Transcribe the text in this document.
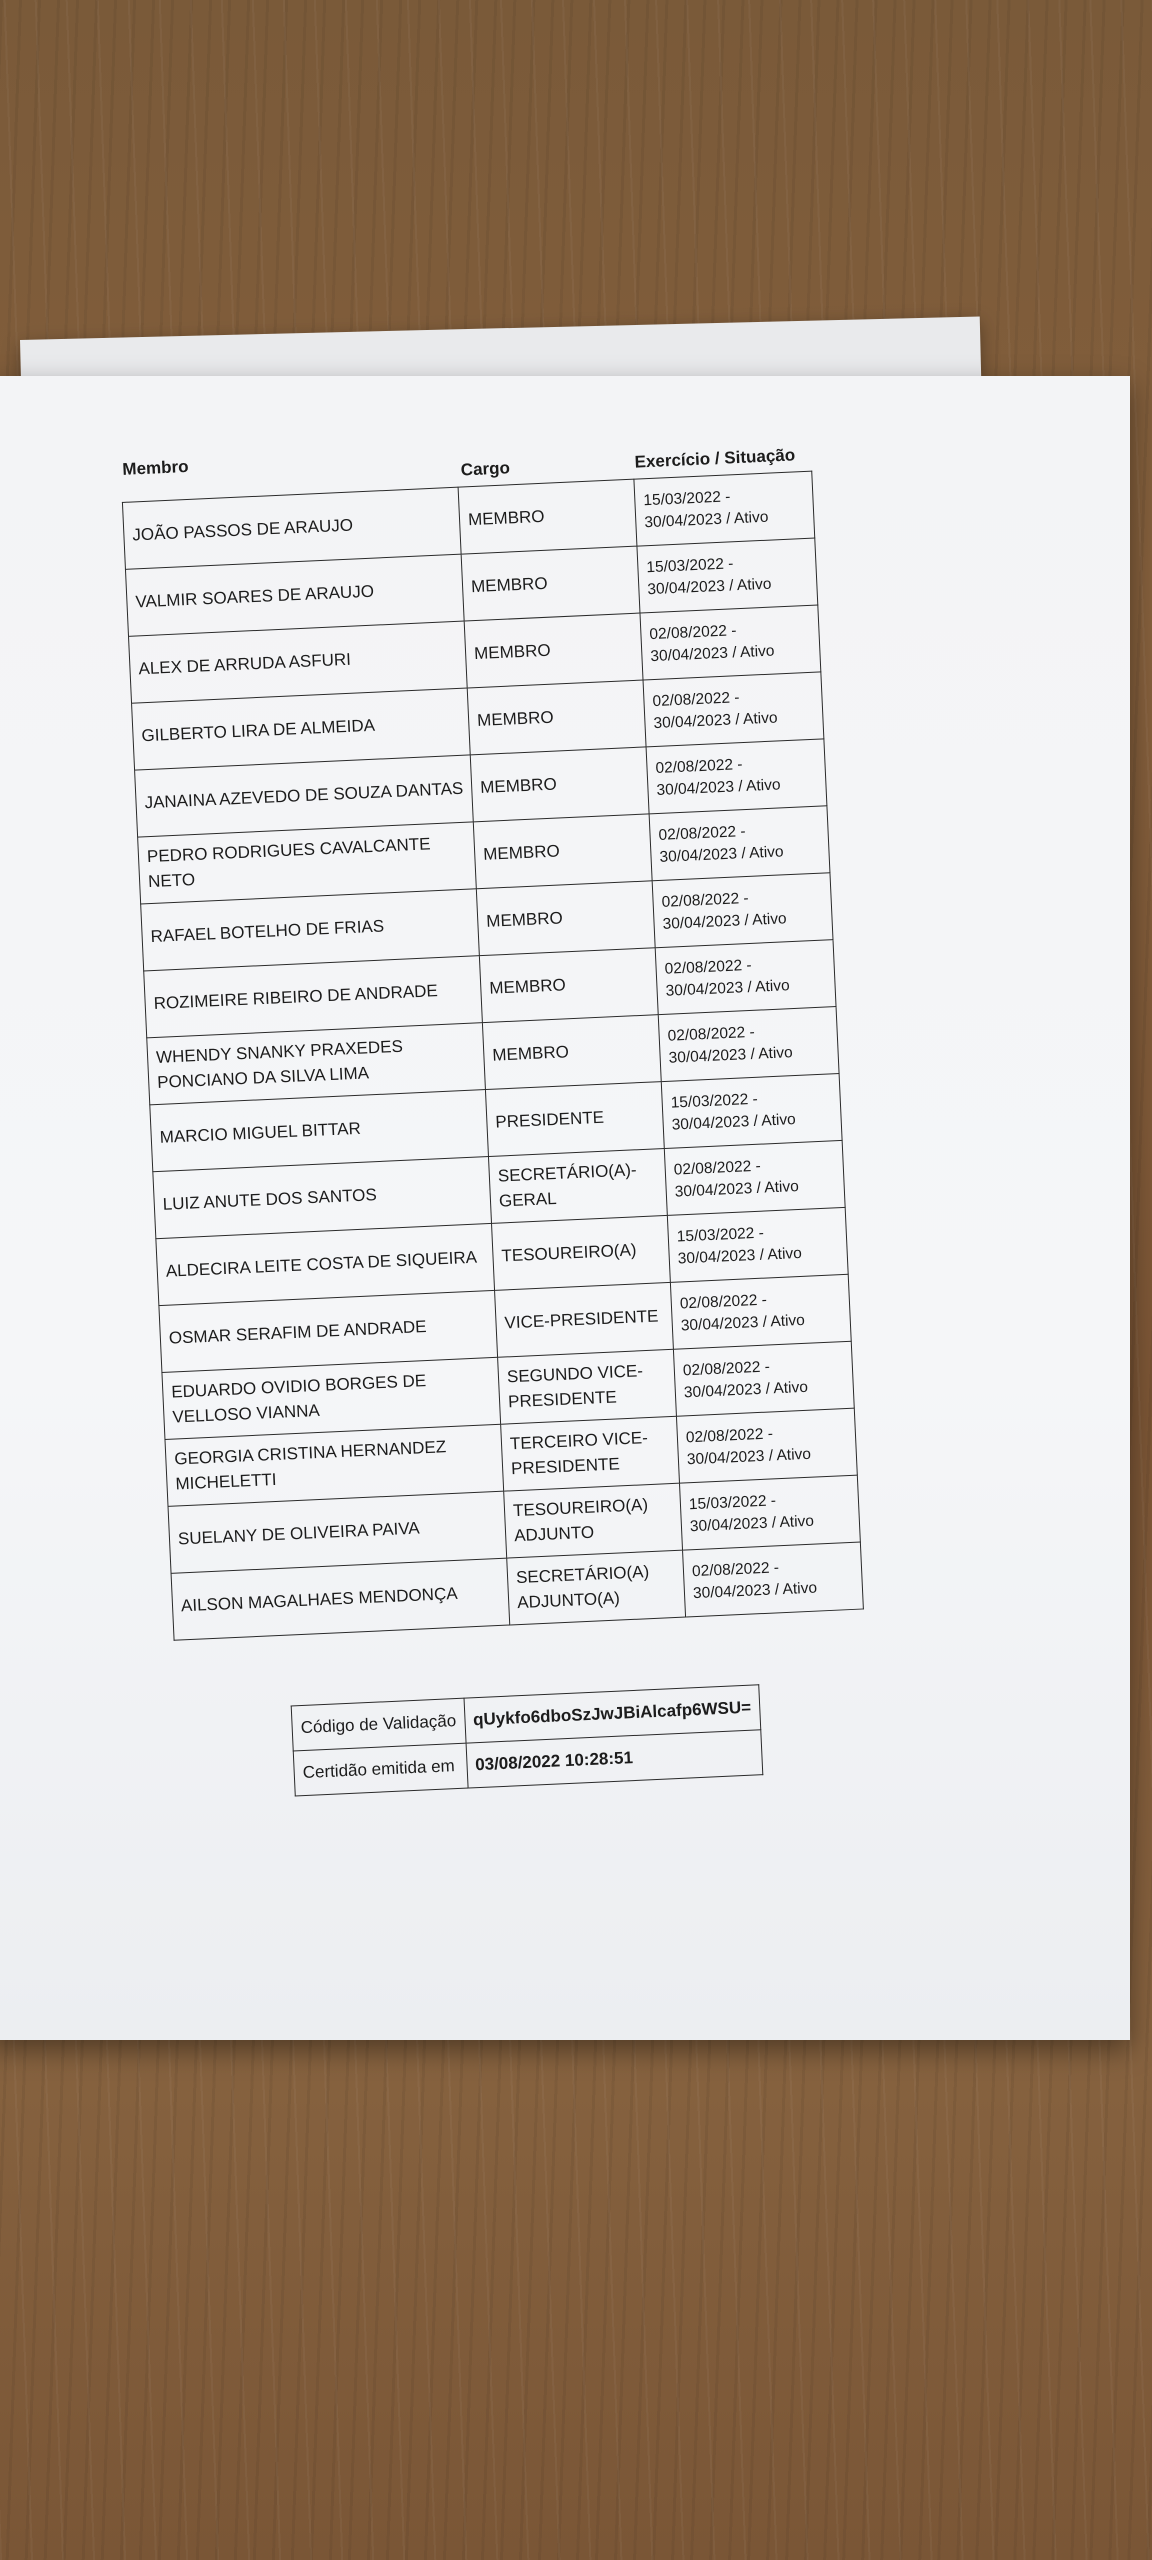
Membro	Cargo	Exercício / Situação
JOÃO PASSOS DE ARAUJO	MEMBRO	15/03/2022 - 30/04/2023 / Ativo
VALMIR SOARES DE ARAUJO	MEMBRO	15/03/2022 - 30/04/2023 / Ativo
ALEX DE ARRUDA ASFURI	MEMBRO	02/08/2022 - 30/04/2023 / Ativo
GILBERTO LIRA DE ALMEIDA	MEMBRO	02/08/2022 - 30/04/2023 / Ativo
JANAINA AZEVEDO DE SOUZA DANTAS	MEMBRO	02/08/2022 - 30/04/2023 / Ativo
PEDRO RODRIGUES CAVALCANTE NETO	MEMBRO	02/08/2022 - 30/04/2023 / Ativo
RAFAEL BOTELHO DE FRIAS	MEMBRO	02/08/2022 - 30/04/2023 / Ativo
ROZIMEIRE RIBEIRO DE ANDRADE	MEMBRO	02/08/2022 - 30/04/2023 / Ativo
WHENDY SNANKY PRAXEDES PONCIANO DA SILVA LIMA	MEMBRO	02/08/2022 - 30/04/2023 / Ativo
MARCIO MIGUEL BITTAR	PRESIDENTE	15/03/2022 - 30/04/2023 / Ativo
LUIZ ANUTE DOS SANTOS	SECRETÁRIO(A)-GERAL	02/08/2022 - 30/04/2023 / Ativo
ALDECIRA LEITE COSTA DE SIQUEIRA	TESOUREIRO(A)	15/03/2022 - 30/04/2023 / Ativo
OSMAR SERAFIM DE ANDRADE	VICE-PRESIDENTE	02/08/2022 - 30/04/2023 / Ativo
EDUARDO OVIDIO BORGES DE VELLOSO VIANNA	SEGUNDO VICE-PRESIDENTE	02/08/2022 - 30/04/2023 / Ativo
GEORGIA CRISTINA HERNANDEZ MICHELETTI	TERCEIRO VICE-PRESIDENTE	02/08/2022 - 30/04/2023 / Ativo
SUELANY DE OLIVEIRA PAIVA	TESOUREIRO(A) ADJUNTO	15/03/2022 - 30/04/2023 / Ativo
AILSON MAGALHAES MENDONÇA	SECRETÁRIO(A) ADJUNTO(A)	02/08/2022 - 30/04/2023 / Ativo
Código de Validação	qUykfo6dboSzJwJBiAlcafp6WSU=
Certidão emitida em	03/08/2022 10:28:51
